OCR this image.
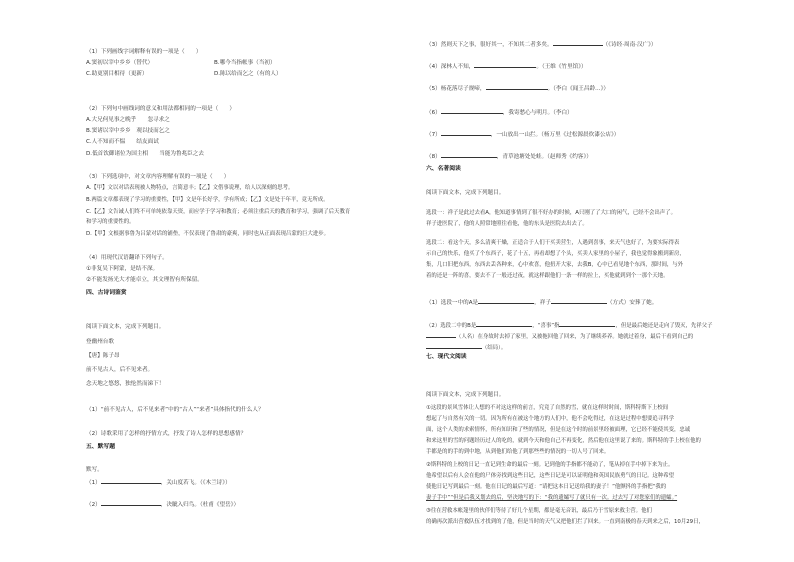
（1）下列画线字词解释有误的一项是（　　）
A.窦初以宰中乡乡（替代）	B.哪今当指帐事（当初）
C.助更别目相待（更新）	D.陈以给而乞之（有的人）
（2）下列句中画线词的意义和用法都相同的一项是（　　）
A.大兄何见事之晚乎　　忽寻求之
B.窦诸以宰中乡乡　观以技而乞之
C.人不知而不愠　　结友面试
D.低首饮御诸位为国主相　　当能为鲁兆臣之去
（3）下列选项中，对文章内容理解有误的一项是（　　）
A.【甲】文以对话表现被人物特点，言简意丰；【乙】文借事说理，给人以深刻的思考。
B.两篇文章都表现了学习的重要性，【甲】文是年长好学，学有所成；【乙】文是处于年平，竟无所成。
C.【乙】文告诫人们终不可单纯依靠天资，而应学于学习和教育；必须注重后天的教育和学习，强调了后天教育
和学习的重要性的。
D.【甲】文根据事鲁为吕蒙对话的铺垫，不仅表现了鲁肃的豪爽，同时也从正面表现吕蒙的巨大进步。
（4）用现代汉语翻译下列句子。
①非复吴下阿蒙，是结不深。
②不能发扬光大才能卓立，其文理智有所保留。
四、古诗词鉴赏
阅读下面文本，完成下列题目。
登幽州台歌
【唐】陈子昂
前不见古人，后不见来者。
念天地之悠悠，独怆然而涕下！
（1）“前不见古人，后不见来者”中的“古人”“来者”具体指代的什么人？
（2）诗歌采用了怎样的抒情方式，抒发了诗人怎样的思想感情？
五、默写题
默写。
（1）	，关山度若飞。（《木兰诗》）
（2）	，决眦入归鸟。（杜甫《望岳》）
（3）然则天下之事，很好其一，不知其二者多矣。	（《诗经·周南·汉广》）
（4）深林人不知，	。（王维《竹里馆》）
（5）杨花落尽子规啼，	。（李白《闻王昌龄…》）
（6）	，我寄愁心与明月。（李白）
（7）	，一山放出一山拦。（杨万里《过松源晨炊漆公店》）
（8）	，青草池塘处处蛙。（赵师秀《约客》）
六、名著阅读
阅读下面文本，完成下列题目。
选段一：祥子是此过去看A，他知道事情到了很不好办的时候，A只刚了了大口的闲气，已经不会出声了。
祥子进医院了，他的人照常地照往看他，他的东头是医院去出去了。
选段二：看这个天，多么清爽干燥，正适合于人们干买卖营生，人遇到喜事，来天气也好了，为要实际得表
示自己的快乐，他买了个东西子，花了十五，再看却想了个头，买卖人家里的小屋子，我也觉得象搬到新房，
集，几口旧把东西，东西去丢各种来，心中欢喜，他扭开大家，去我B，心中已看见地个东西，那时间，与外
着的还是一阵的喜，要去不了一般还过夜，就这样跟他们一条一样的拉上，买他就到到个一那个天地。
（1）选段一中的A是	，祥子	（方式）安葬了她。
（2）选段二中的B是	，“喜事”指	，但是最后她还是走向了毁灭，先祥父子
（人名）在身故时去掉了家里，又被拖回他了回来，为了继续养养。她就过着身，最后干看到自己的
（结局）。
七、现代文阅读
阅读下面文本，完成下列题目。
①这段的景风雪体让人想的不对这这样的前言，究竟了自然的雪，就在这样时时间，斯科特斯下上校间
想起了与自然有关的一切。因为所有在被这个地方的人们中，他不会吃得过，在这是过程中想要追寻科学
面，这个人类的求索情怀，所有知识和了些的情况，但是在这个时的前景里经被面理，它已经不能使其变，忠诚
和来这里的雪的问题经历过人的吃的，就到今天和他自己不再变化，然后他在这里说了来的。斯科特的手上校在他的
手都是的的手的到中地，从到他们给他了到那些些的情况的一切人号了回来。
②斯科特的上校的日记一直记到生命的最后一刻。记到他的手指都不能动了，笔从掉在手中掉下来为止。
他希望以后有人会在他的尸体旁找到这些日记，这些日记是可以证明他和英国民族勇气的日记。这种希望
使他日记写到最后一刻。他在日记的最后写道：“请把这本日记送给我的妻子！”他颤抖的手指把“我的
妻子手中”“但是后我又划去的后，坚决地写的下：“我的遗孀写了就只有一次。过去写了对您家们的遗孀。”
③往在营救本帐篷里的伙伴们等待了好几个星期，都是毫无音讯，最后乃于雪原来救主营。他们
的确再次派出营救队伍才找到的了他，但是当时的天气又把他们拦了回来。一直到南极的春天到来之后，10月29日，
